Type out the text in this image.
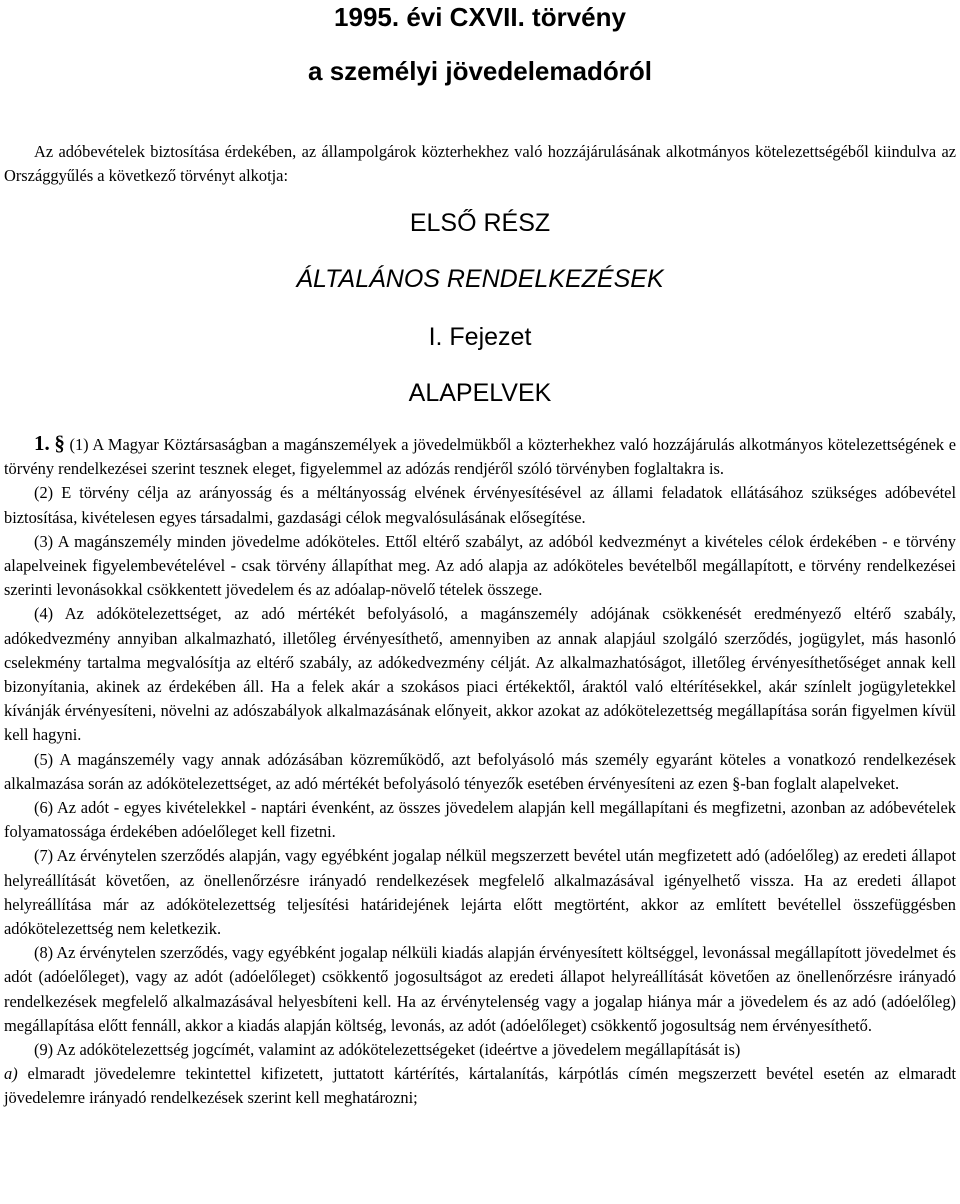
1995. évi CXVII. törvény
a személyi jövedelemadóról
Az adóbevételek biztosítása érdekében, az állampolgárok közterhekhez való hozzájárulásának alkotmányos kötelezettségéből kiindulva az Országgyűlés a következő törvényt alkotja:
ELSŐ RÉSZ
ÁLTALÁNOS RENDELKEZÉSEK
I. Fejezet
ALAPELVEK

1. § (1) A Magyar Köztársaságban a magánszemélyek a jövedelmükből a közterhekhez való hozzájárulás alkotmányos kötelezettségének e törvény rendelkezései szerint tesznek eleget, figyelemmel az adózás rendjéről szóló törvényben foglaltakra is.

(2) E törvény célja az arányosság és a méltányosság elvének érvényesítésével az állami feladatok ellátásához szükséges adóbevétel biztosítása, kivételesen egyes társadalmi, gazdasági célok megvalósulásának elősegítése.

(3) A magánszemély minden jövedelme adóköteles. Ettől eltérő szabályt, az adóból kedvezményt a kivételes célok érdekében - e törvény alapelveinek figyelembevételével - csak törvény állapíthat meg. Az adó alapja az adóköteles bevételből megállapított, e törvény rendelkezései szerinti levonásokkal csökkentett jövedelem és az adóalap-növelő tételek összege.

(4) Az adókötelezettséget, az adó mértékét befolyásoló, a magánszemély adójának csökkenését eredményező eltérő szabály, adókedvezmény annyiban alkalmazható, illetőleg érvényesíthető, amennyiben az annak alapjául szolgáló szerződés, jogügylet, más hasonló cselekmény tartalma megvalósítja az eltérő szabály, az adókedvezmény célját. Az alkalmazhatóságot, illetőleg érvényesíthetőséget annak kell bizonyítania, akinek az érdekében áll. Ha a felek akár a szokásos piaci értékektől, áraktól való eltérítésekkel, akár színlelt jogügyletekkel kívánják érvényesíteni, növelni az adószabályok alkalmazásának előnyeit, akkor azokat az adókötelezettség megállapítása során figyelmen kívül kell hagyni.

(5) A magánszemély vagy annak adózásában közreműködő, azt befolyásoló más személy egyaránt köteles a vonatkozó rendelkezések alkalmazása során az adókötelezettséget, az adó mértékét befolyásoló tényezők esetében érvényesíteni az ezen §-ban foglalt alapelveket.

(6) Az adót - egyes kivételekkel - naptári évenként, az összes jövedelem alapján kell megállapítani és megfizetni, azonban az adóbevételek folyamatossága érdekében adóelőleget kell fizetni.

(7) Az érvénytelen szerződés alapján, vagy egyébként jogalap nélkül megszerzett bevétel után megfizetett adó (adóelőleg) az eredeti állapot helyreállítását követően, az önellenőrzésre irányadó rendelkezések megfelelő alkalmazásával igényelhető vissza. Ha az eredeti állapot helyreállítása már az adókötelezettség teljesítési határidejének lejárta előtt megtörtént, akkor az említett bevétellel összefüggésben adókötelezettség nem keletkezik.

(8) Az érvénytelen szerződés, vagy egyébként jogalap nélküli kiadás alapján érvényesített költséggel, levonással megállapított jövedelmet és adót (adóelőleget), vagy az adót (adóelőleget) csökkentő jogosultságot az eredeti állapot helyreállítását követően az önellenőrzésre irányadó rendelkezések megfelelő alkalmazásával helyesbíteni kell. Ha az érvénytelenség vagy a jogalap hiánya már a jövedelem és az adó (adóelőleg) megállapítása előtt fennáll, akkor a kiadás alapján költség, levonás, az adót (adóelőleget) csökkentő jogosultság nem érvényesíthető.

(9) Az adókötelezettség jogcímét, valamint az adókötelezettségeket (ideértve a jövedelem megállapítását is)

a) elmaradt jövedelemre tekintettel kifizetett, juttatott kártérítés, kártalanítás, kárpótlás címén megszerzett bevétel esetén az elmaradt jövedelemre irányadó rendelkezések szerint kell meghatározni;
